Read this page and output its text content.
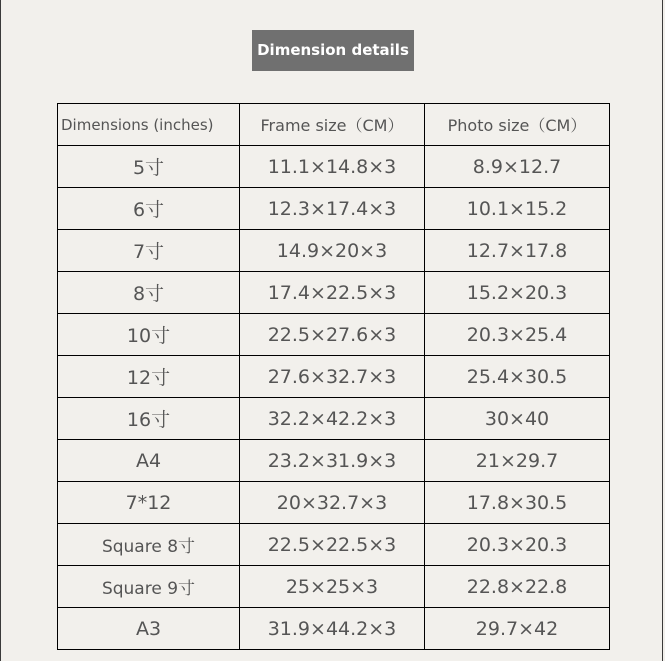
Dimension details
Dimensions (inches)	Frame size（CM）	Photo size（CM）
5寸	11.1×14.8×3	8.9×12.7
6寸	12.3×17.4×3	10.1×15.2
7寸	14.9×20×3	12.7×17.8
8寸	17.4×22.5×3	15.2×20.3
10寸	22.5×27.6×3	20.3×25.4
12寸	27.6×32.7×3	25.4×30.5
16寸	32.2×42.2×3	30×40
A4	23.2×31.9×3	21×29.7
7*12	20×32.7×3	17.8×30.5
Square 8寸	22.5×22.5×3	20.3×20.3
Square 9寸	25×25×3	22.8×22.8
A3	31.9×44.2×3	29.7×42
